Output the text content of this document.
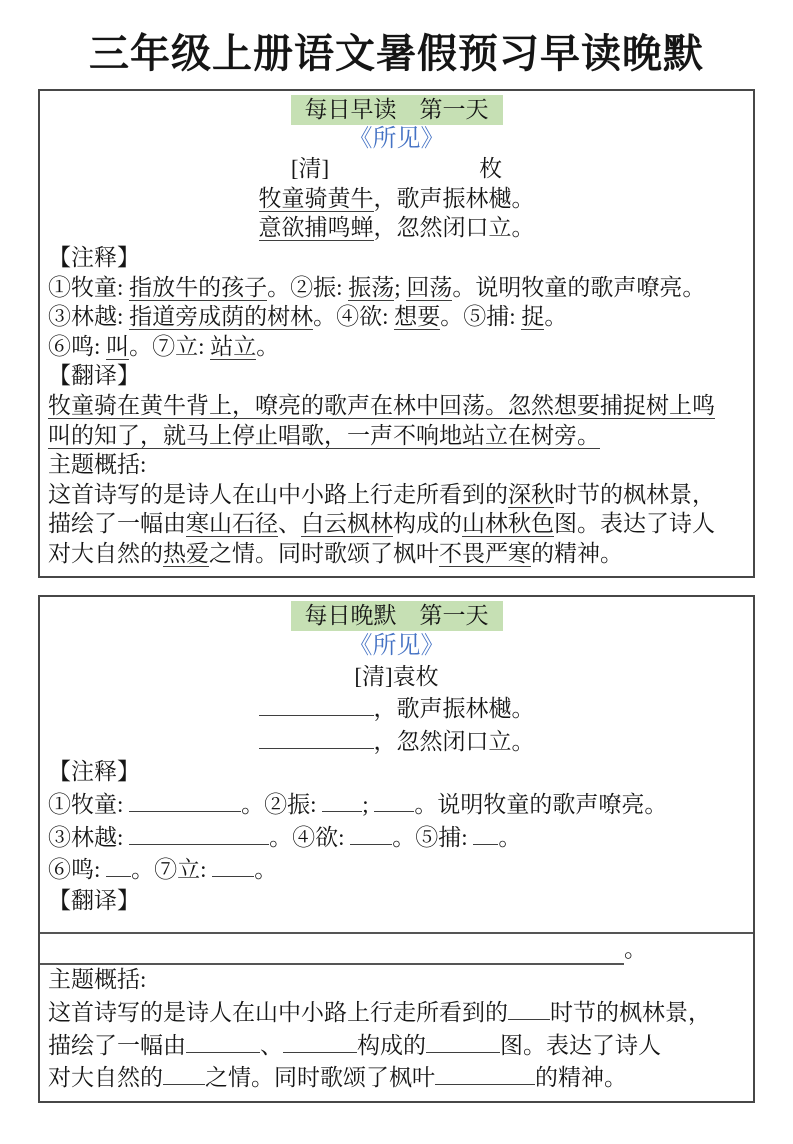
三年级上册语文暑假预习早读晚默
每日早读　第一天
《所见》
[清]	枚
牧童骑黄牛，歌声振林樾。
意欲捕鸣蝉，忽然闭口立。
【注释】
①牧童: 指放牛的孩子。②振: 振荡; 回荡。说明牧童的歌声嘹亮。
③林越: 指道旁成荫的树林。④欲: 想要。⑤捕: 捉。
⑥鸣: 叫。⑦立: 站立。
【翻译】
牧童骑在黄牛背上，嘹亮的歌声在林中回荡。忽然想要捕捉树上鸣
叫的知了，就马上停止唱歌，一声不响地站立在树旁。
主题概括:
这首诗写的是诗人在山中小路上行走所看到的深秋时节的枫林景，
描绘了一幅由寒山石径、白云枫林构成的山林秋色图。表达了诗人
对大自然的热爱之情。同时歌颂了枫叶不畏严寒的精神。
每日晚默　第一天
《所见》
[清]袁枚
，歌声振林樾。
，忽然闭口立。
【注释】
①牧童:	。②振: ; 。说明牧童的歌声嘹亮。
③林越:	。④欲: 。⑤捕: 。
⑥鸣: 。⑦立: 。
【翻译】
。
主题概括:
这首诗写的是诗人在山中小路上行走所看到的 时节的枫林景，
描绘了一幅由	、	构成的	图。表达了诗人
对大自然的 之情。同时歌颂了枫叶	的精神。
